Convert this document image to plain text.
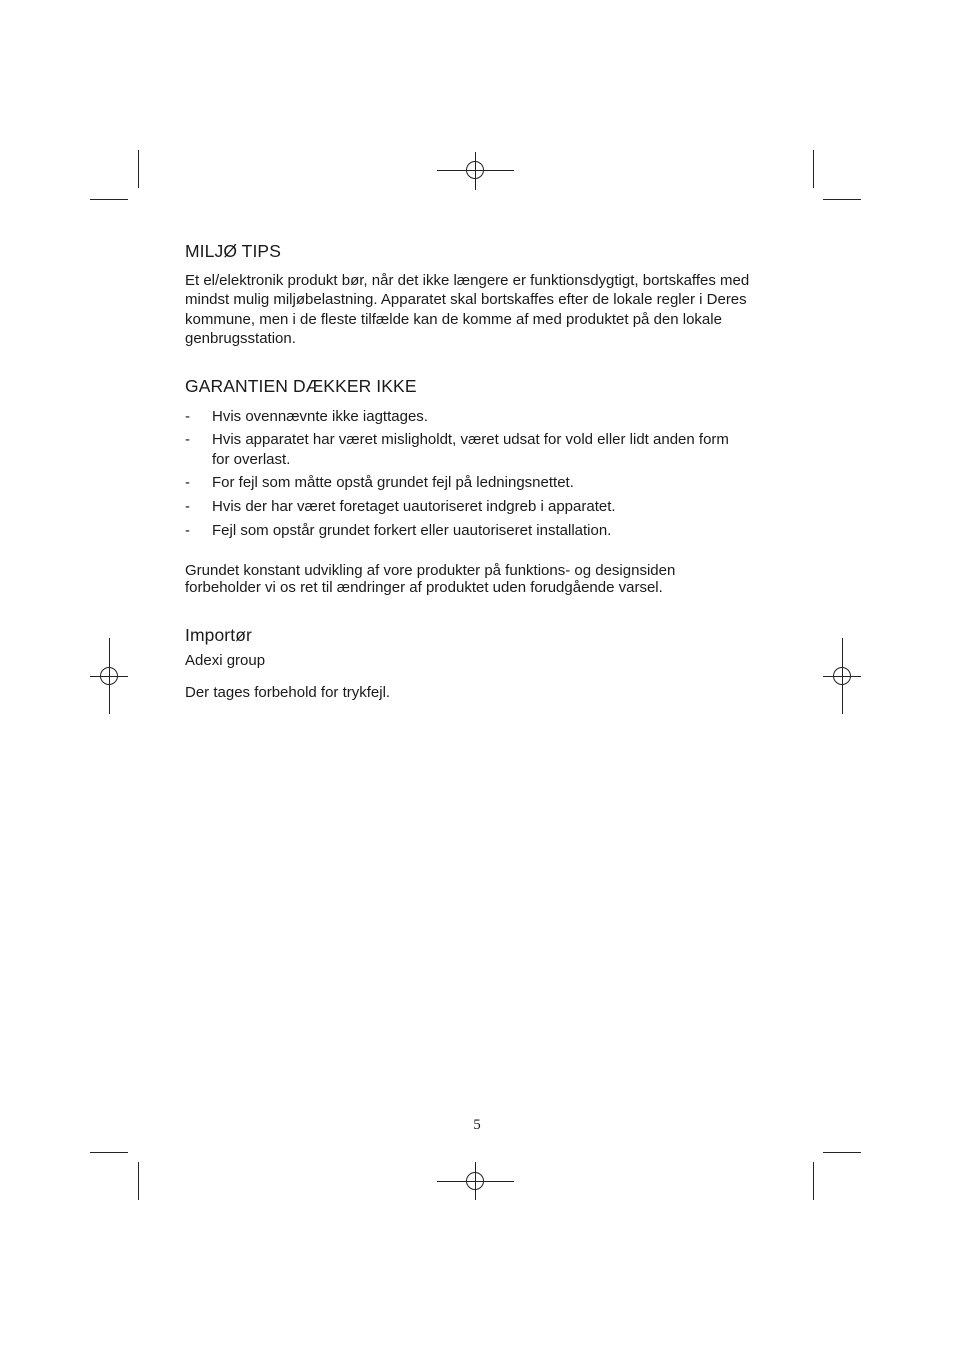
MILJØ TIPS

Et el/elektronik produkt bør, når det ikke længere er funktionsdygtigt, bortskaffes med mindst mulig miljøbelastning. Apparatet skal bortskaffes efter de lokale regler i Deres kommune, men i de fleste tilfælde kan de komme af med produktet på den lokale genbrugsstation.

GARANTIEN DÆKKER IKKE
- Hvis ovennævnte ikke iagttages.
- Hvis apparatet har været misligholdt, været udsat for vold eller lidt anden form for overlast.
- For fejl som måtte opstå grundet fejl på ledningsnettet.
- Hvis der har været foretaget uautoriseret indgreb i apparatet.
- Fejl som opstår grundet forkert eller uautoriseret installation.

Grundet konstant udvikling af vore produkter på funktions- og designsiden forbeholder vi os ret til ændringer af produktet uden forudgående varsel.

Importør

Adexi group

Der tages forbehold for trykfejl.

5
